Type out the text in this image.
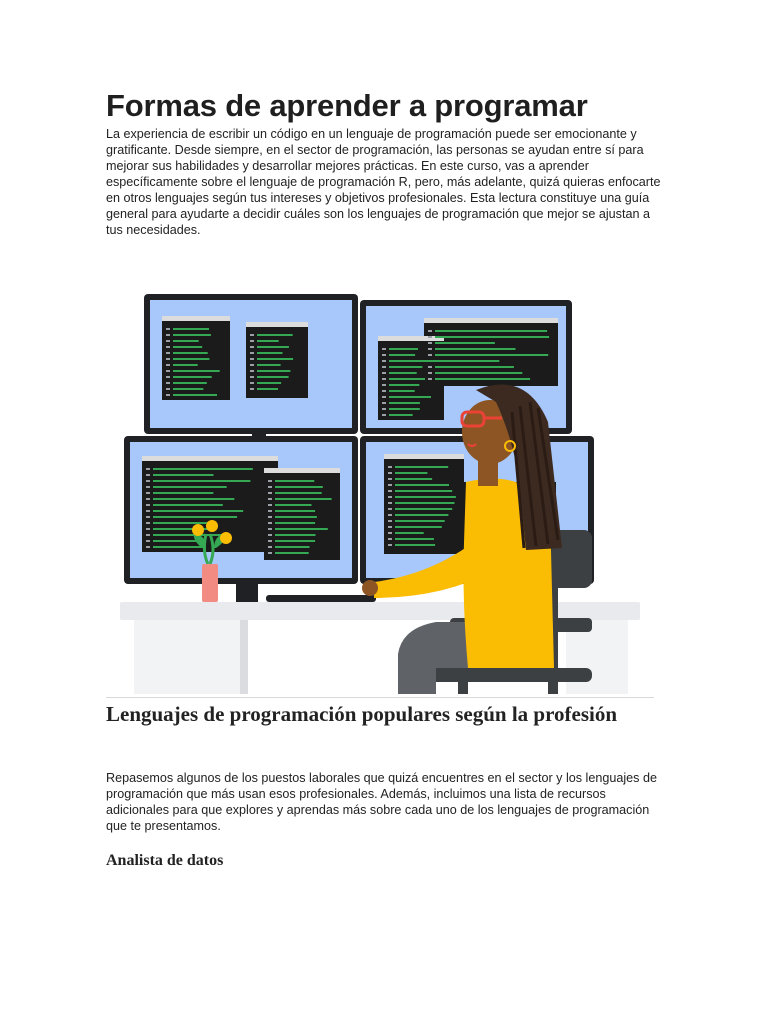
Formas de aprender a programar

La experiencia de escribir un código en un lenguaje de programación puede ser emocionante y gratificante. Desde siempre, en el sector de programación, las personas se ayudan entre sí para mejorar sus habilidades y desarrollar mejores prácticas. En este curso, vas a aprender específicamente sobre el lenguaje de programación R, pero, más adelante, quizá quieras enfocarte en otros lenguajes según tus intereses y objetivos profesionales. Esta lectura constituye una guía general para ayudarte a decidir cuáles son los lenguajes de programación que mejor se ajustan a tus necesidades.

Lenguajes de programación populares según la profesión

Repasemos algunos de los puestos laborales que quizá encuentres en el sector y los lenguajes de programación que más usan esos profesionales. Además, incluimos una lista de recursos adicionales para que explores y aprendas más sobre cada uno de los lenguajes de programación que te presentamos.

Analista de datos
